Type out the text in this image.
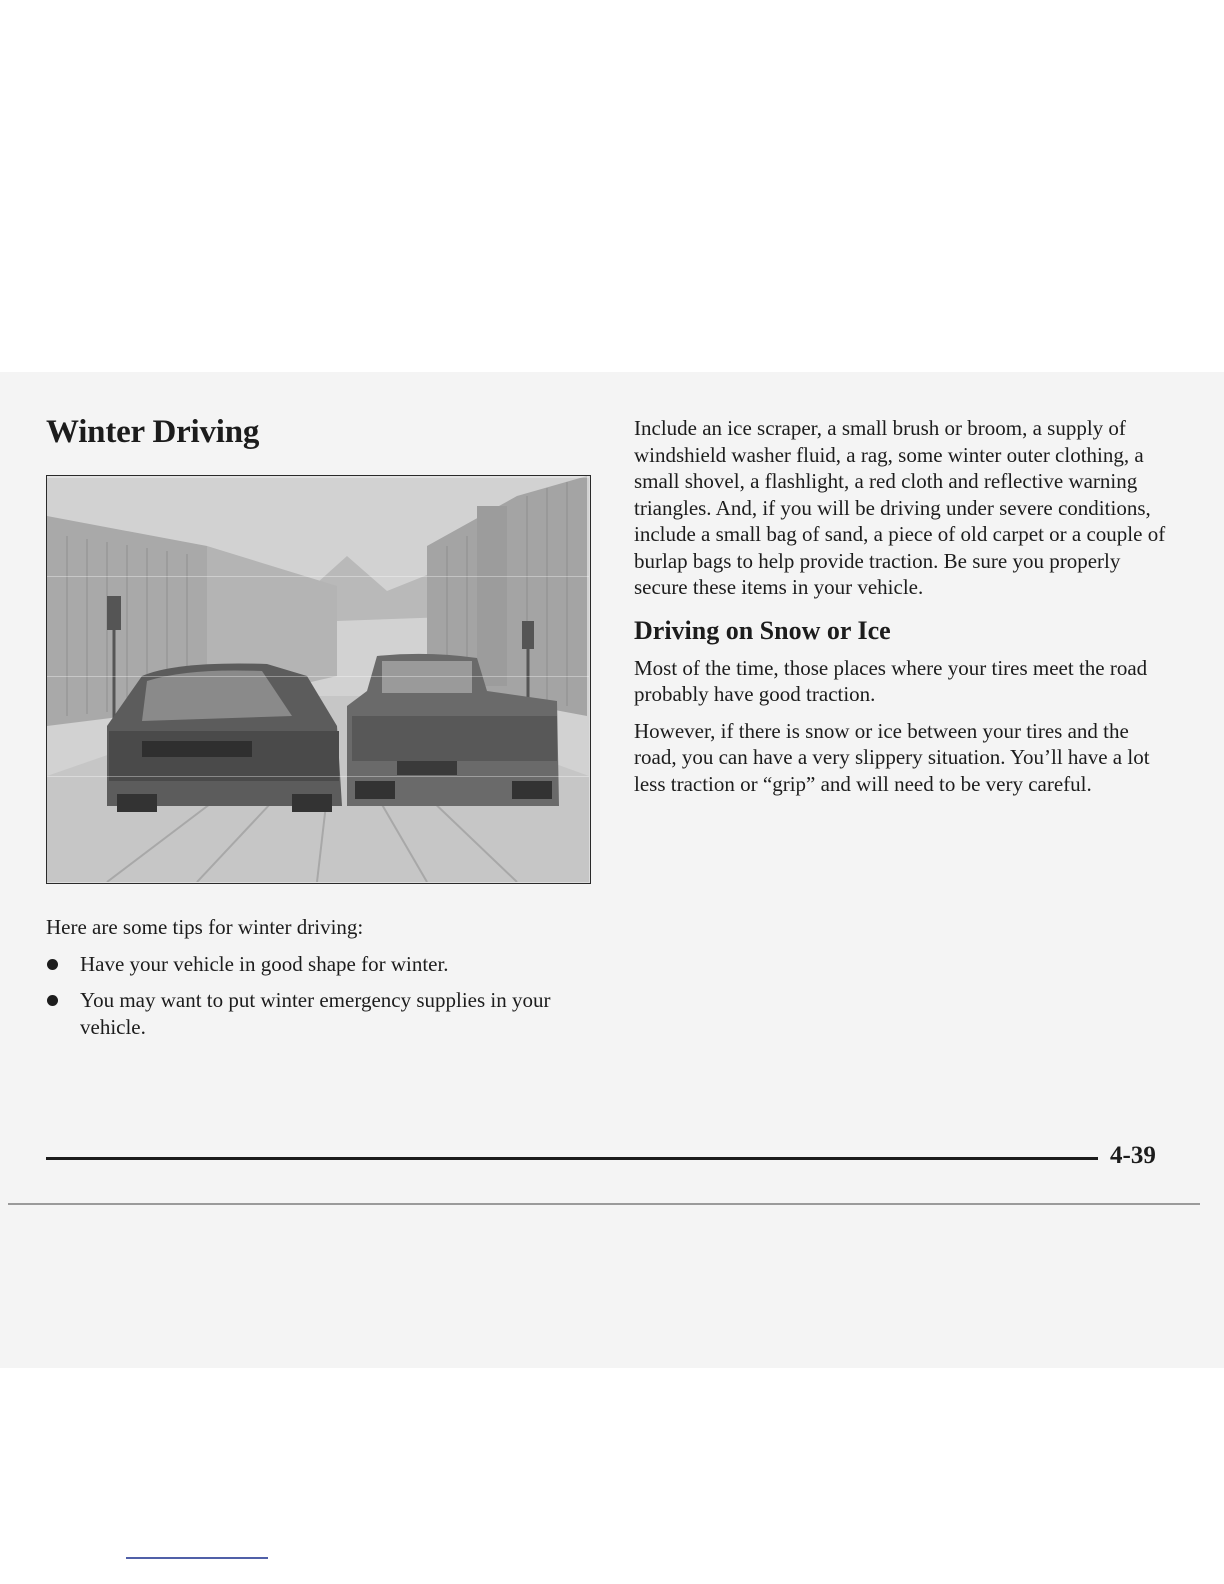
Winter Driving

Here are some tips for winter driving:

Have your vehicle in good shape for winter.
You may want to put winter emergency supplies in your vehicle.

Include an ice scraper, a small brush or broom, a supply of windshield washer fluid, a rag, some winter outer clothing, a small shovel, a flashlight, a red cloth and reflective warning triangles. And, if you will be driving under severe conditions, include a small bag of sand, a piece of old carpet or a couple of burlap bags to help provide traction. Be sure you properly secure these items in your vehicle.

Driving on Snow or Ice

Most of the time, those places where your tires meet the road probably have good traction.

However, if there is snow or ice between your tires and the road, you can have a very slippery situation. You’ll have a lot less traction or “grip” and will need to be very careful.

4-39
